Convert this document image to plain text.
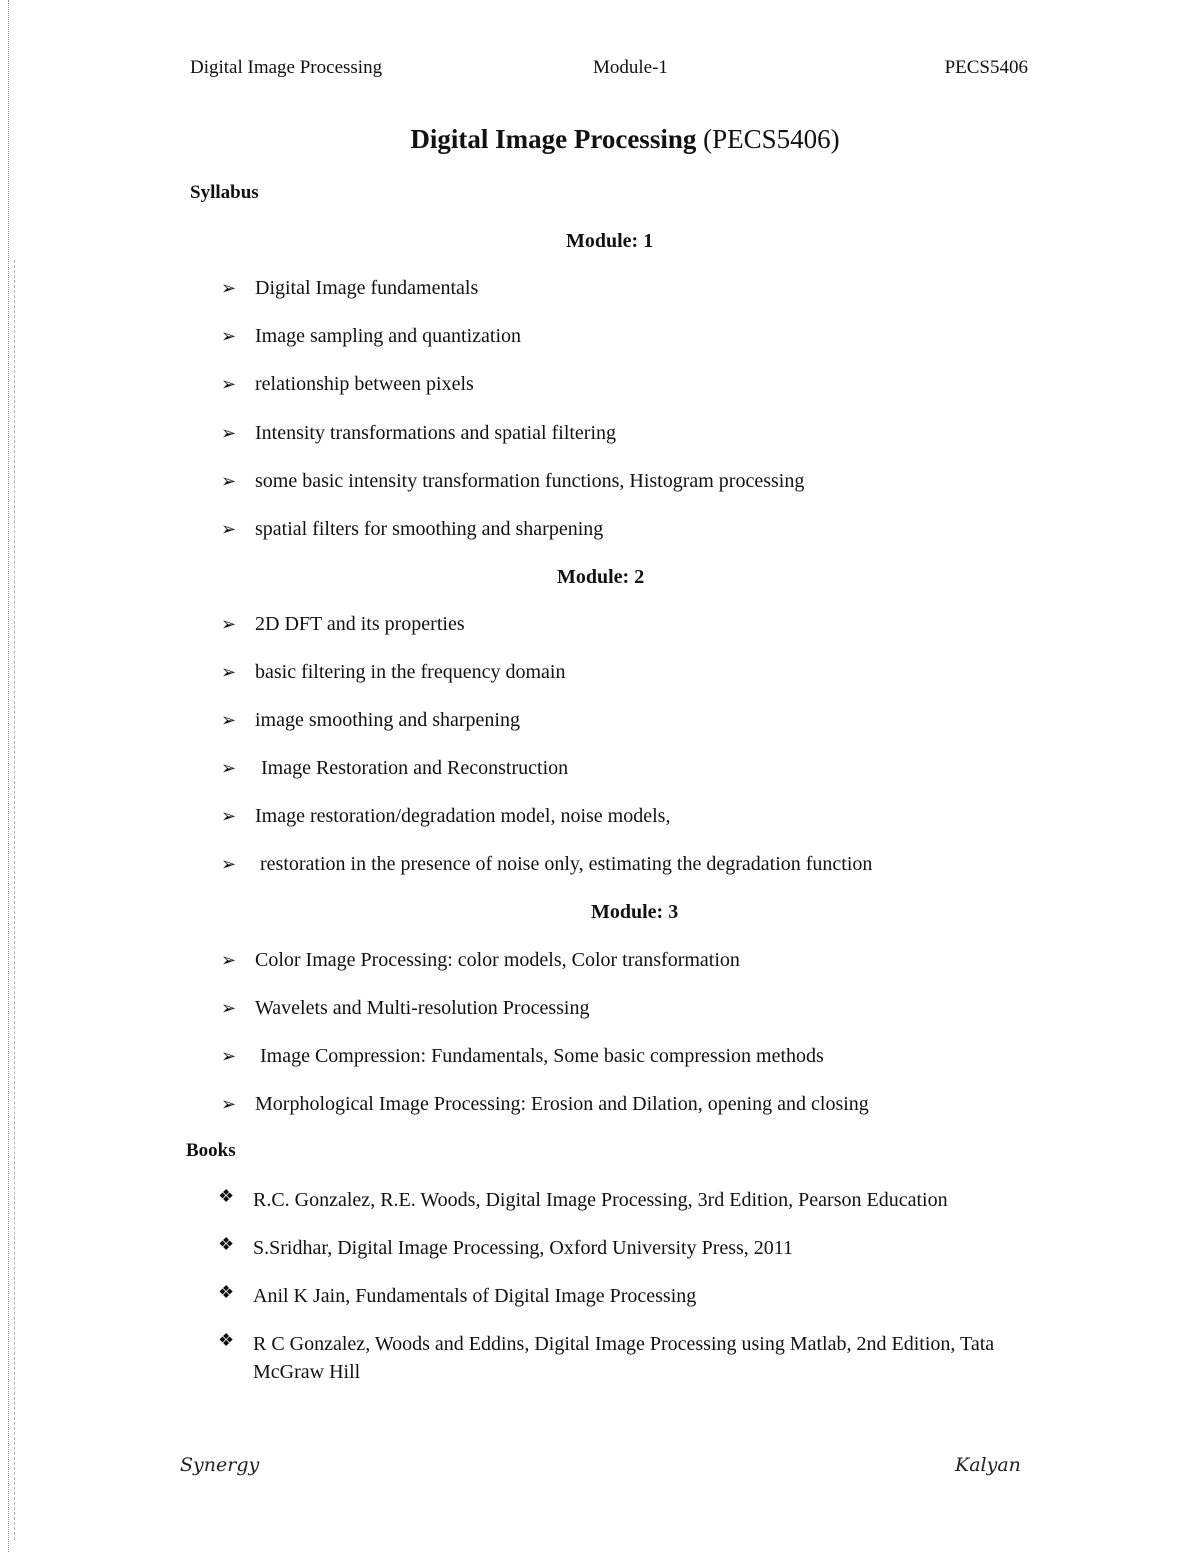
Digital Image Processing	Module-1	PECS5406
Digital Image Processing (PECS5406)
Syllabus
Module: 1
➢ Digital Image fundamentals
➢ Image sampling and quantization
➢ relationship between pixels
➢ Intensity transformations and spatial filtering
➢ some basic intensity transformation functions, Histogram processing
➢ spatial filters for smoothing and sharpening
Module: 2
➢ 2D DFT and its properties
➢ basic filtering in the frequency domain
➢ image smoothing and sharpening
➢ Image Restoration and Reconstruction
➢ Image restoration/degradation model, noise models,
➢ restoration in the presence of noise only, estimating the degradation function
Module: 3
➢ Color Image Processing: color models, Color transformation
➢ Wavelets and Multi-resolution Processing
➢ Image Compression: Fundamentals, Some basic compression methods
➢ Morphological Image Processing: Erosion and Dilation, opening and closing
Books
❖ R.C. Gonzalez, R.E. Woods, Digital Image Processing, 3rd Edition, Pearson Education
❖ S.Sridhar, Digital Image Processing, Oxford University Press, 2011
❖ Anil K Jain, Fundamentals of Digital Image Processing
❖ R C Gonzalez, Woods and Eddins, Digital Image Processing using Matlab, 2nd Edition, Tata McGraw Hill
Synergy	Kalyan
